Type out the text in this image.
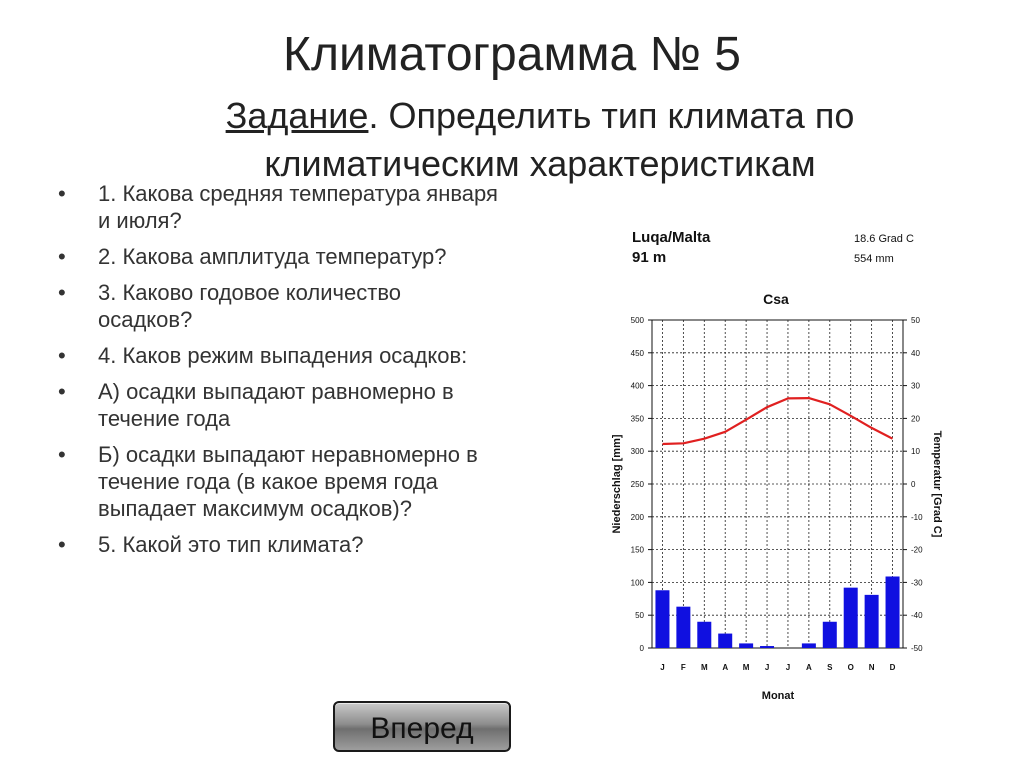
Климатограмма № 5
Задание. Определить тип климата по климатическим характеристикам
• 1. Какова средняя температура января и июля?
• 2. Какова амплитуда температур?
• 3. Каково годовое количество осадков?
• 4. Каков режим выпадения осадков:
• А) осадки выпадают равномерно в течение года
• Б) осадки выпадают неравномерно в течение года (в какое время года выпадает максимум осадков)?
• 5. Какой это тип климата?
Luqa/Malta
91 m
18.6 Grad C
554 mm
Csa
500
450
400
350
300
250
200
150
100
50
0
50
40
30
20
10
0
-10
-20
-30
-40
-50
J F M A M J J A S O N D
Monat
Niederschlag [mm]	Temperatur [Grad C]
Вперед
